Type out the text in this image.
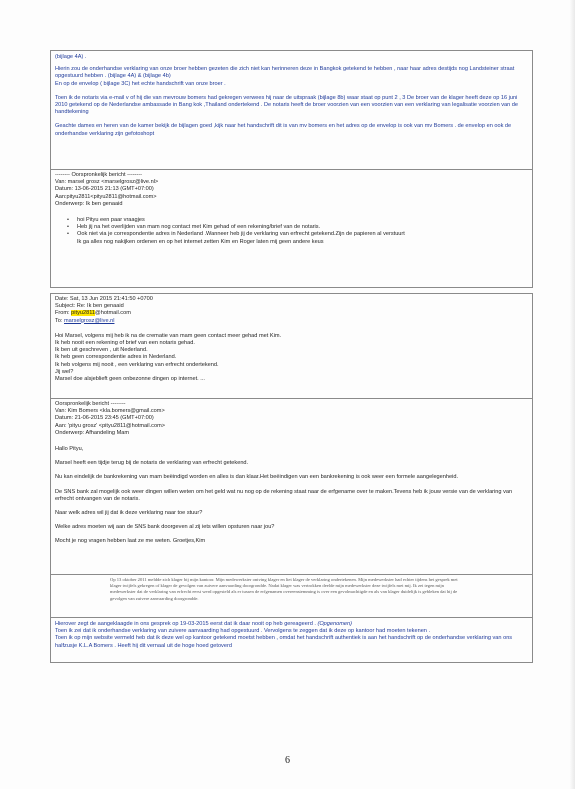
(bijlage 4A) .

Hierin zou de onderhandse verklaring van onze broer hebben gezeten die zich niet kan herinneren deze in Bangkok getekend te hebben , naar haar adres destijds nog Landsteiner straat opgestuurd hebben . (bijlage 4A) & (bijlage 4b)

En op de envelop ( bijlage 3C) het echte handschrift van onze broer .

Toen ik de notaris via e-mail v of hij die van mevrouw bomers had gekregen verwees hij naar de uitspraak (bijlage 8b) waar staat op punt 2 , 3 De broer van de klager heeft deze op 16 juni 2010 getekend op de Nederlandse ambassade in Bang kok ,Thailand ondertekend . De notaris heeft de broer voorzien van een voorzien van een verklaring van legalisatie voorzien van de handtekening

Geachte dames en heren van de kamer bekijk de bijlagen goed ,kijk naar het handschrift dit is van mv bomers en het adres op de envelop is ook van mv Bomers . de envelop en ook de onderhandse verklaring zijn gefotoshopt

-------- Oorspronkelijk bericht --------

Van: marsel grosz <marselgrosz@live.nl>

Datum: 13-06-2015 21:13 (GMT+07:00)

Aan:pityu2811<pityu2811@hotmail.com>

Onderwerp: Ik ben genaaid

• hoi Pityu een paar vraagjes

• Heb jij na het overlijden van mam nog contact met Kim gehad of een rekening/brief van de notaris.

• Ook niet via je correspondentie adres in Nederland .Wanneer heb jij de verklaring van erfrecht getekend.Zijn de papieren al verstuurt

Ik ga alles nog nakijken ordenen en op het internet zetten Kim en Roger laten mij geen andere keus

Date: Sat, 13 Jun 2015 21:41:50 +0700

Subject: Re: Ik ben genaaid

From: pityu2811@hotmail.com

To: marselgrosz@live.nl

Hoi Marsel, volgens mij heb ik na de crematie van mam geen contact meer gehad met Kim.

Ik heb nooit een rekening of brief van een notaris gehad.

Ik ben uit geschreven , uit Nederland.

Ik heb geen correspondentie adres in Nederland.

Ik heb volgens mij nooit , een verklaring van erfrecht ondertekend.

Jij wel?

Marsel doe alsjeblieft geen onbezonne dingen op internet. ...

Oorspronkelijk bericht --------

Van: Kim Bomers <kla.bomers@gmail.com>

Datum: 21-06-2015 23:45 (GMT+07:00)

Aan: 'pityu grosz' <pityu2811@hotmail.com>

Onderwerp: Afhandeling Mam

Hallo Pityu,

Marsel heeft een tijdje terug bij de notaris de verklaring van erfrecht getekend.

Nu kan eindelijk de bankrekening van mam beëindigd worden en alles is dan klaar.Het beëindigen van een bankrekening is ook weer een formele aangelegenheid.

De SNS bank zal mogelijk ook weer dingen willen weten om het geld wat nu nog op de rekening staat naar de erfgename over te maken.Tevens heb ik jouw versie van de verklaring van erfrecht ontvangen van de notaris.

Naar welk adres wil jij dat ik deze verklaring naar toe stuur?

Welke adres moeten wij aan de SNS bank doorgeven al zij iets willen opsturen naar jou?

Mocht je nog vragen hebben laat ze me weten. Groetjes,Kim

Op 13 oktober 2011 meldde zich klager bij mijn kantoor. Mijn medewerkster ontving klager en liet klager de verklaring ondertekenen. Mijn medewerkster had echter tijdens het gesprek met klager twijfels gekregen of klager de gevolgen van zuivere aanvaarding doorgrondde. Nadat klager was vertrokken deelde mijn medewerkster deze twijfels met mij. Ik zei tegen mijn medewerkster dat de verklaring van erfrecht eerst werd opgesteld als er tussen de erfgenamen overeenstemming is over een gevolmachtigde en als van klager duidelijk is gebleken dat hij de gevolgen van zuivere aanvaarding doorgrondde.

Hierover zegt de aangeklaagde in ons gesprek op 19-03-2015 eerst dat ik daar nooit op heb gereageerd . (Opgenomen)

Toen ik zei dat ik onderhandse verklaring van zuivere aanvaarding had opgestuurd . Vervolgens te zeggen dat ik deze op kantoor had moeten tekenen .

Toen ik op mijn website vermeld heb dat ik deze wel op kantoor getekend moetst hebben , omdat het handschrift authentiek is aan het handschrift op de onderhandse verklaring van ons halfzusje K.L.A Bomers . Heeft hij dit vernaal uit de hoge hoed getoverd

6
